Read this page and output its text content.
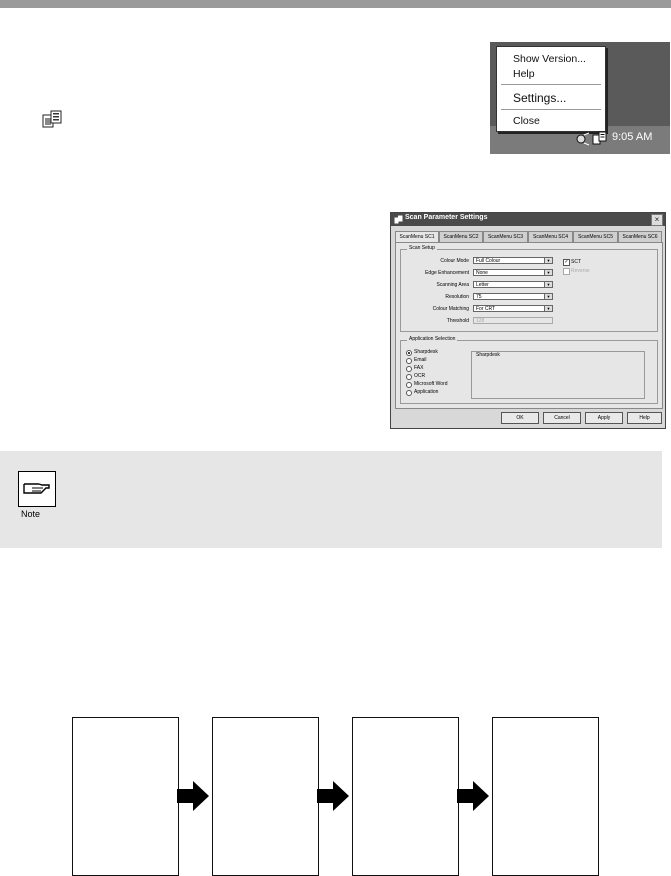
Show Version...
Help
Settings...
Close
9:05 AM
Scan Parameter Settings	×
ScanMenu SC1	ScanMenu SC2	ScanMenu SC3	ScanMenu SC4	ScanMenu SC5	ScanMenu SC6
Scan Setup
Colour Mode	Full Colour	▼
Edge Enhancement	None	▼
Scanning Area	Letter	▼
Resolution	75	▼
Colour Matching	For CRT	▼
Threshold	128
✓ SCT
Reverse
Application Selection
Sharpdesk
Email
FAX
OCR
Microsoft Word
Application
Sharpdesk
OK	Cancel	Apply	Help
Note
